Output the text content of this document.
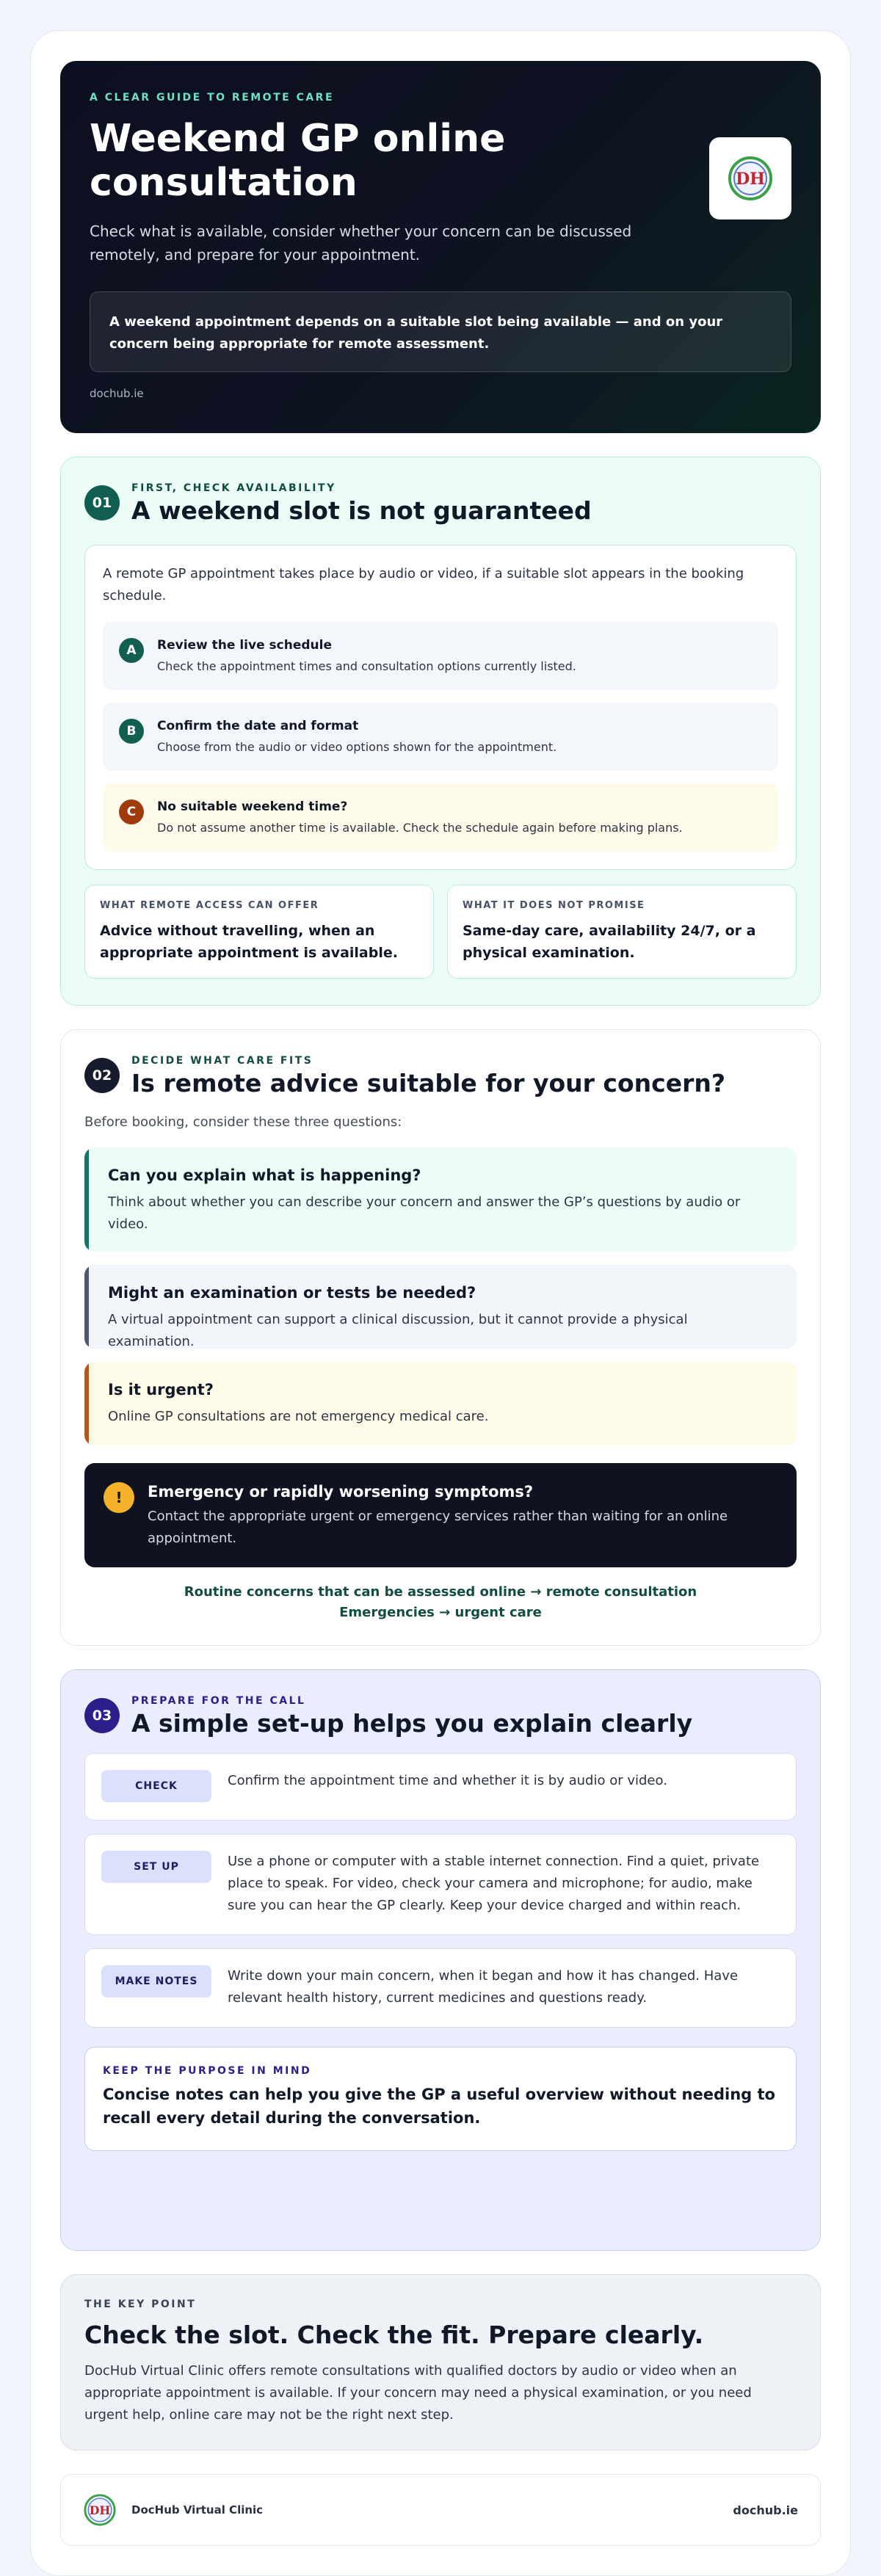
A CLEAR GUIDE TO REMOTE CARE
Weekend GP online consultation
Check what is available, consider whether your concern can be discussed remotely, and prepare for your appointment.
DH
A weekend appointment depends on a suitable slot being available — and on your concern being appropriate for remote assessment.
dochub.ie
01
FIRST, CHECK AVAILABILITY
A weekend slot is not guaranteed
A remote GP appointment takes place by audio or video, if a suitable slot appears in the booking schedule.
A	Review the live schedule
Check the appointment times and consultation options currently listed.
B	Confirm the date and format
Choose from the audio or video options shown for the appointment.
C	No suitable weekend time?
Do not assume another time is available. Check the schedule again before making plans.
WHAT REMOTE ACCESS CAN OFFER
Advice without travelling, when an appropriate appointment is available.
WHAT IT DOES NOT PROMISE
Same-day care, availability 24/7, or a physical examination.
02
DECIDE WHAT CARE FITS
Is remote advice suitable for your concern?
Before booking, consider these three questions:
Can you explain what is happening?
Think about whether you can describe your concern and answer the GP’s questions by audio or video.
Might an examination or tests be needed?
A virtual appointment can support a clinical discussion, but it cannot provide a physical examination.
Is it urgent?
Online GP consultations are not emergency medical care.
!	Emergency or rapidly worsening symptoms?
Contact the appropriate urgent or emergency services rather than waiting for an online appointment.
Routine concerns that can be assessed online → remote consultation
Emergencies → urgent care
03
PREPARE FOR THE CALL
A simple set-up helps you explain clearly
CHECK	Confirm the appointment time and whether it is by audio or video.
SET UP	Use a phone or computer with a stable internet connection. Find a quiet, private place to speak. For video, check your camera and microphone; for audio, make sure you can hear the GP clearly. Keep your device charged and within reach.
MAKE NOTES	Write down your main concern, when it began and how it has changed. Have relevant health history, current medicines and questions ready.
KEEP THE PURPOSE IN MIND
Concise notes can help you give the GP a useful overview without needing to recall every detail during the conversation.
THE KEY POINT
Check the slot. Check the fit. Prepare clearly.
DocHub Virtual Clinic offers remote consultations with qualified doctors by audio or video when an appropriate appointment is available. If your concern may need a physical examination, or you need urgent help, online care may not be the right next step.
DH DocHub Virtual Clinic	dochub.ie
